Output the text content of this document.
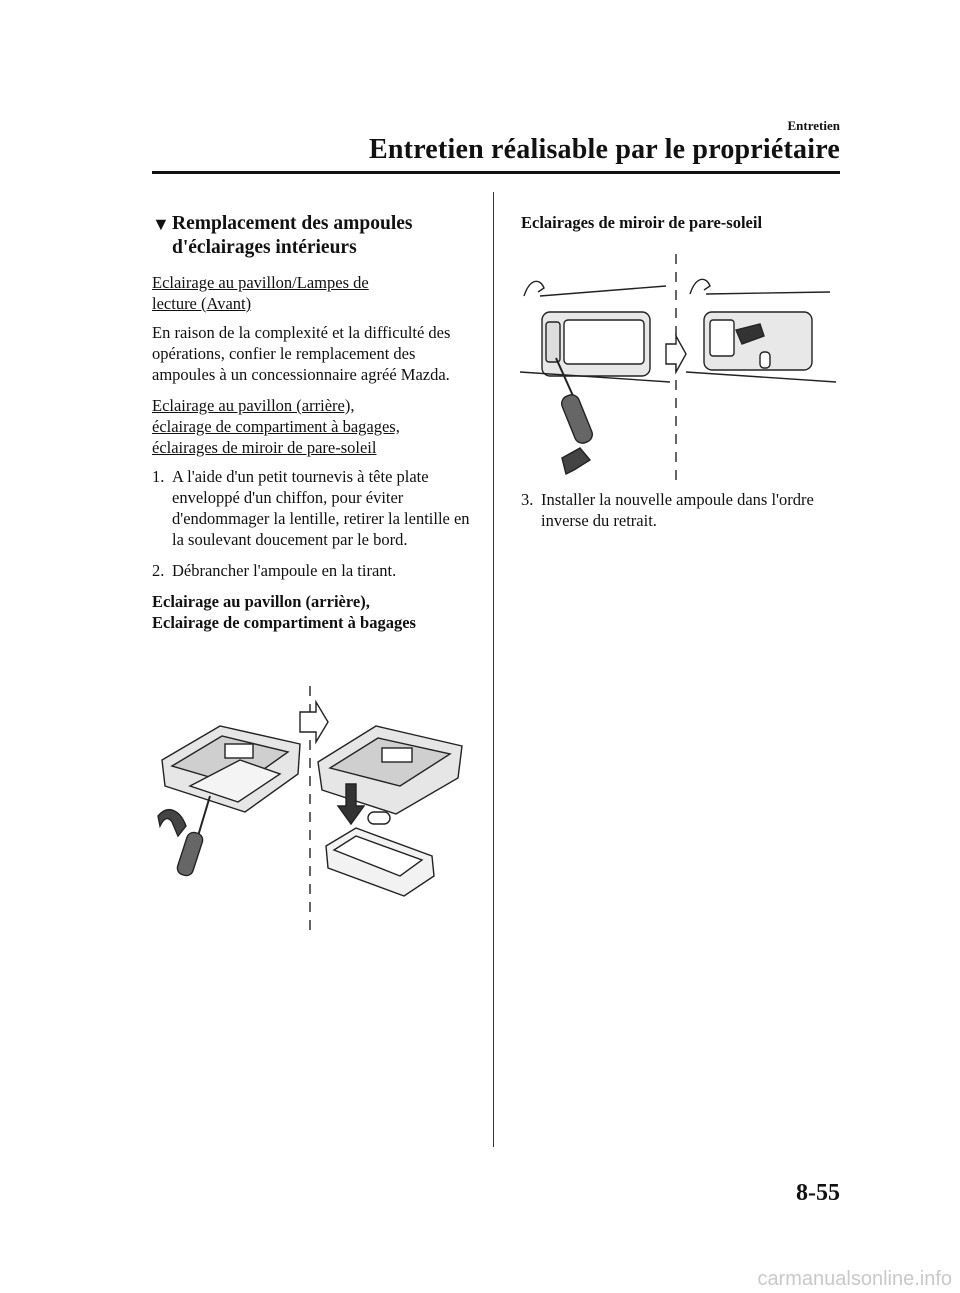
Entretien
Entretien réalisable par le propriétaire
▼ Remplacement des ampoules
d'éclairages intérieurs
Eclairage au pavillon/Lampes de
lecture (Avant)
En raison de la complexité et la difficulté des opérations, confier le remplacement des ampoules à un concessionnaire agréé Mazda.
Eclairage au pavillon (arrière),
éclairage de compartiment à bagages,
éclairages de miroir de pare-soleil
1. A l'aide d'un petit tournevis à tête plate enveloppé d'un chiffon, pour éviter d'endommager la lentille, retirer la lentille en la soulevant doucement par le bord.
2. Débrancher l'ampoule en la tirant.
Eclairage au pavillon (arrière),
Eclairage de compartiment à bagages
Eclairages de miroir de pare-soleil
3. Installer la nouvelle ampoule dans l'ordre inverse du retrait.
8-55
carmanualsonline.info
